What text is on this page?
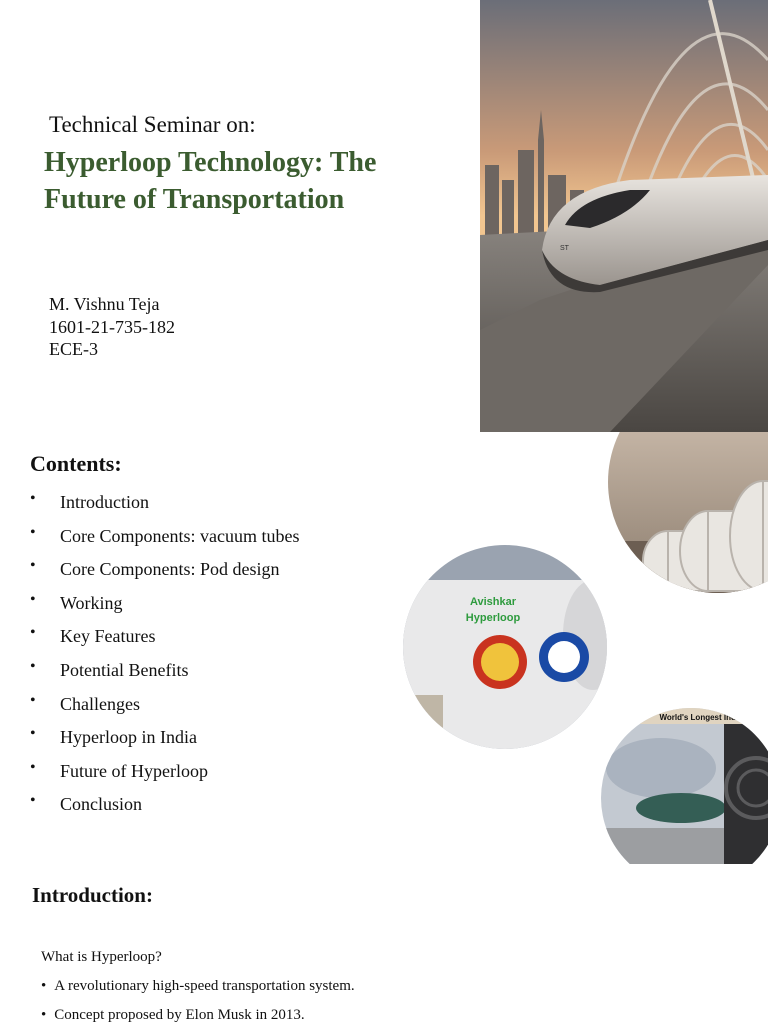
Technical Seminar on:
Hyperloop Technology: The Future of Transportation
M. Vishnu Teja
1601-21-735-182
ECE-3
ST
Contents:
• Introduction
• Core Components: vacuum tubes
• Core Components: Pod design
• Working
• Key Features
• Potential Benefits
• Challenges
• Hyperloop in India
• Future of Hyperloop
• Conclusion
Avishkar
Hyperloop
World's Longest India
Introduction:
What is Hyperloop?
• A revolutionary high-speed transportation system.
• Concept proposed by Elon Musk in 2013.
